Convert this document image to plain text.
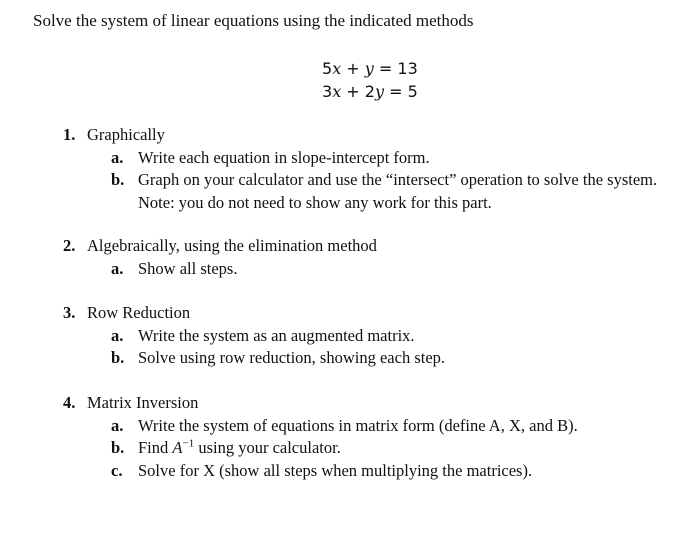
Solve the system of linear equations using the indicated methods
5x + y = 13
3x + 2y = 5
1. Graphically
a. Write each equation in slope-intercept form.
b. Graph on your calculator and use the “intersect” operation to solve the system.
Note: you do not need to show any work for this part.
2. Algebraically, using the elimination method
a. Show all steps.
3. Row Reduction
a. Write the system as an augmented matrix.
b. Solve using row reduction, showing each step.
4. Matrix Inversion
a. Write the system of equations in matrix form (define A, X, and B).
b. Find $A^{-1}$ using your calculator.
c. Solve for X (show all steps when multiplying the matrices).
